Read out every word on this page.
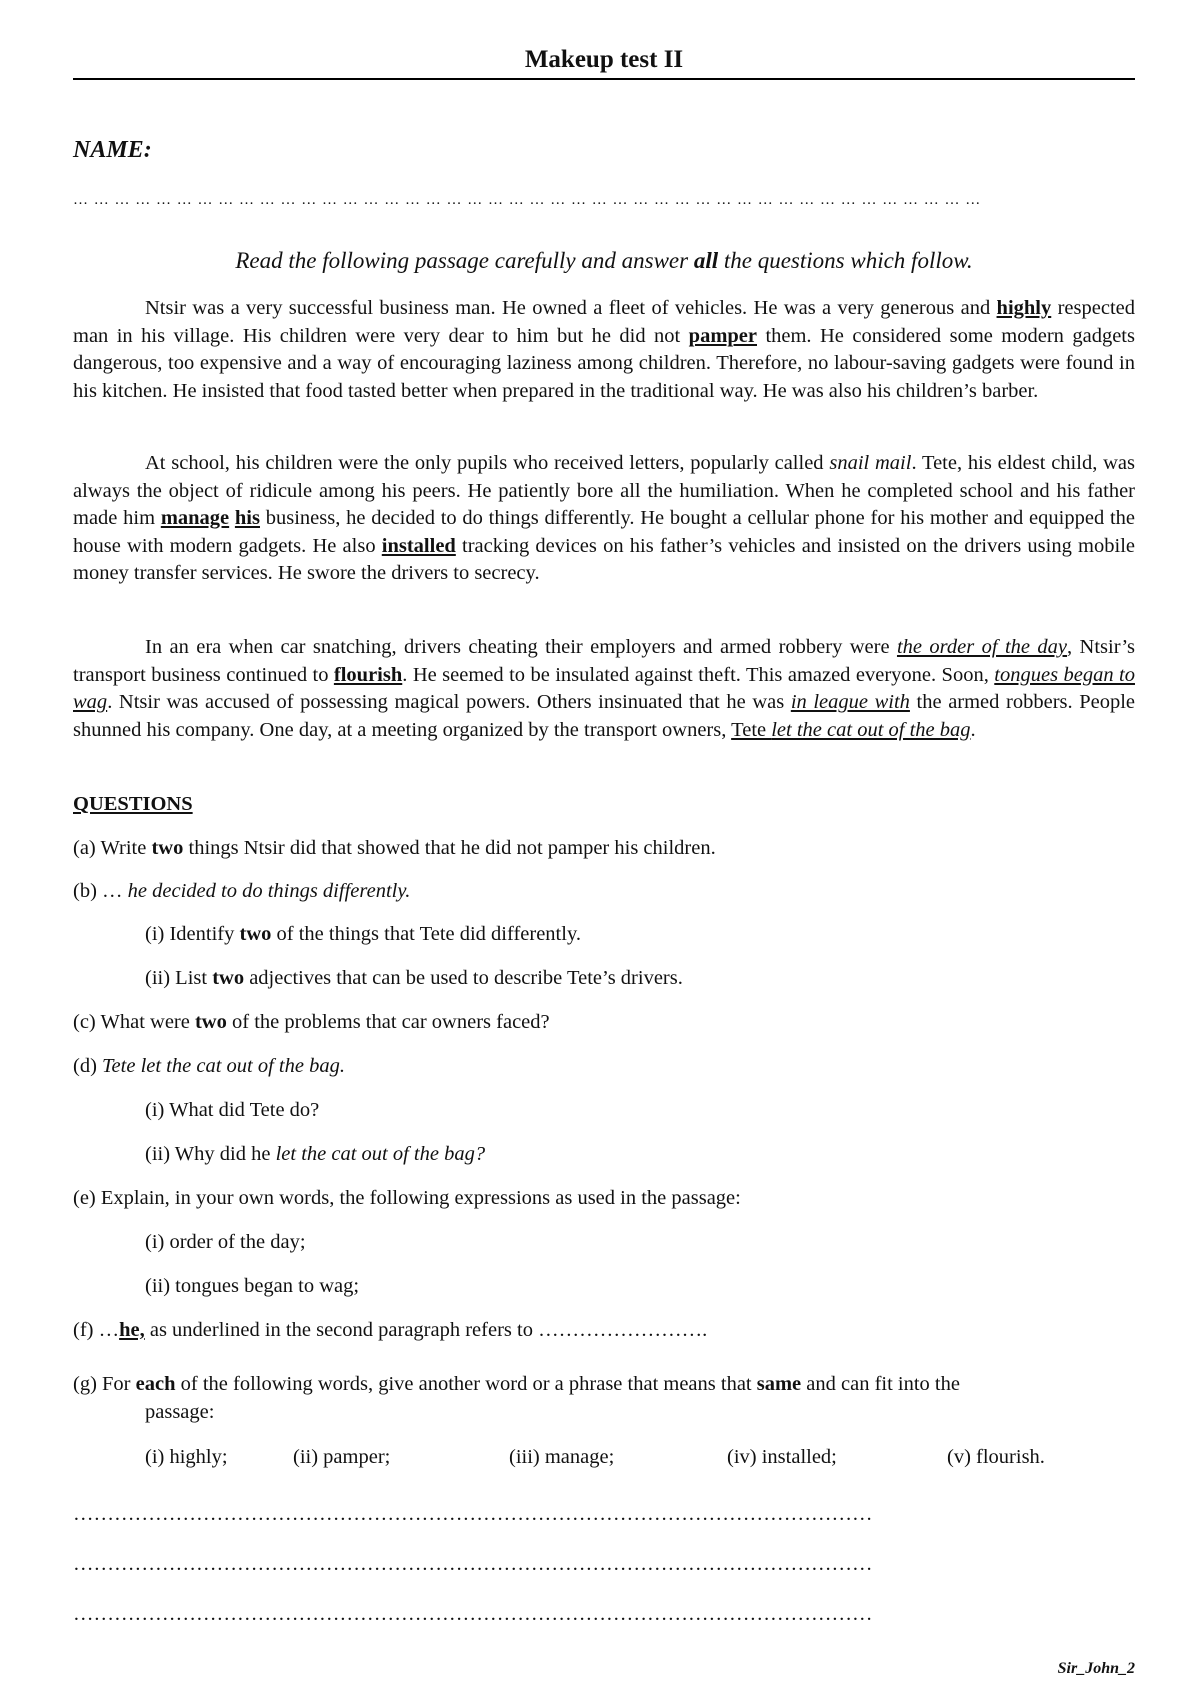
Makeup test II
NAME:
… … … … … … … … … … … … … … … … … … … … … … … … … … … … … … … … … … … … … … … … … … … …
Read the following passage carefully and answer all the questions which follow.
Ntsir was a very successful business man. He owned a fleet of vehicles. He was a very generous and highly respected man in his village. His children were very dear to him but he did not pamper them. He considered some modern gadgets dangerous, too expensive and a way of encouraging laziness among children. Therefore, no labour-saving gadgets were found in his kitchen. He insisted that food tasted better when prepared in the traditional way. He was also his children’s barber.
At school, his children were the only pupils who received letters, popularly called snail mail. Tete, his eldest child, was always the object of ridicule among his peers. He patiently bore all the humiliation. When he completed school and his father made him manage his business, he decided to do things differently. He bought a cellular phone for his mother and equipped the house with modern gadgets. He also installed tracking devices on his father’s vehicles and insisted on the drivers using mobile money transfer services. He swore the drivers to secrecy.
In an era when car snatching, drivers cheating their employers and armed robbery were the order of the day, Ntsir’s transport business continued to flourish. He seemed to be insulated against theft. This amazed everyone. Soon, tongues began to wag. Ntsir was accused of possessing magical powers. Others insinuated that he was in league with the armed robbers. People shunned his company. One day, at a meeting organized by the transport owners, Tete let the cat out of the bag.
QUESTIONS
(a) Write two things Ntsir did that showed that he did not pamper his children.
(b) … he decided to do things differently.
(i) Identify two of the things that Tete did differently.
(ii) List two adjectives that can be used to describe Tete’s drivers.
(c) What were two of the problems that car owners faced?
(d) Tete let the cat out of the bag.
(i) What did Tete do?
(ii) Why did he let the cat out of the bag?
(e) Explain, in your own words, the following expressions as used in the passage:
(i) order of the day;
(ii) tongues began to wag;
(f) …he, as underlined in the second paragraph refers to …………………….
(g) For each of the following words, give another word or a phrase that means that same and can fit into the
passage:
(i) highly;	(ii) pamper;	(iii) manage;	(iv) installed;	(v) flourish.
………………………………………………………………………………………………………
………………………………………………………………………………………………………
………………………………………………………………………………………………………
Sir_John_2
